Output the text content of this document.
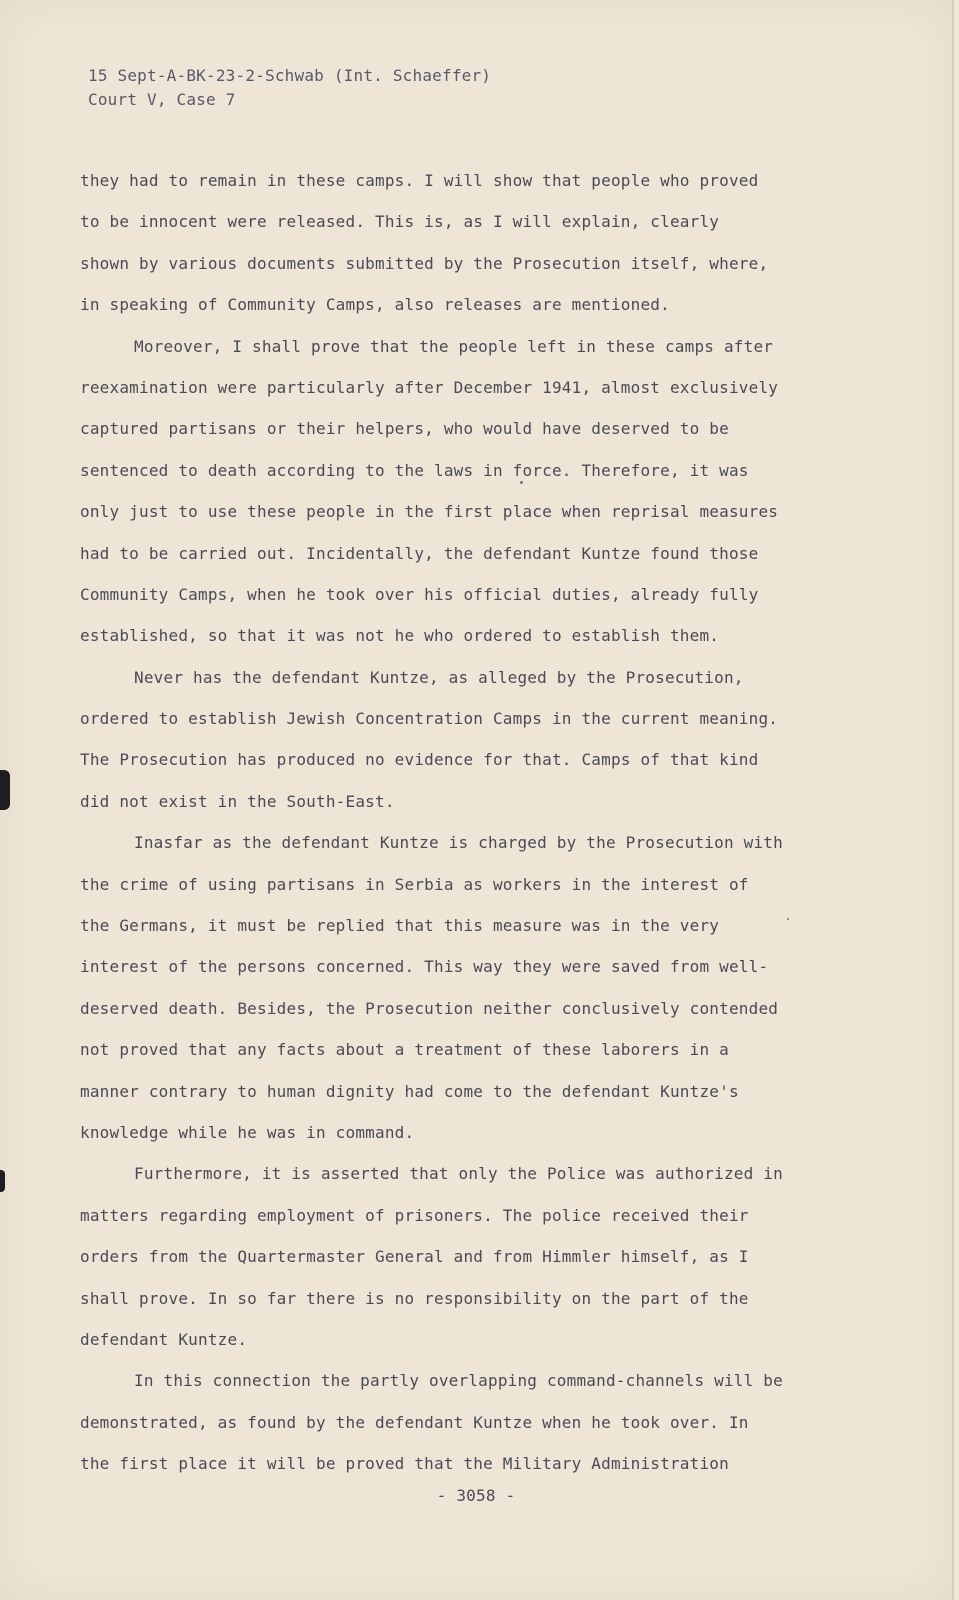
15 Sept-A-BK-23-2-Schwab (Int. Schaeffer)
Court V, Case 7
they had to remain in these camps. I will show that people who proved
to be innocent were released. This is, as I will explain, clearly
shown by various documents submitted by the Prosecution itself, where,
in speaking of Community Camps, also releases are mentioned.
Moreover, I shall prove that the people left in these camps after
reexamination were particularly after December 1941, almost exclusively
captured partisans or their helpers, who would have deserved to be
sentenced to death according to the laws in force. Therefore, it was
only just to use these people in the first place when reprisal measures
had to be carried out. Incidentally, the defendant Kuntze found those
Community Camps, when he took over his official duties, already fully
established, so that it was not he who ordered to establish them.
Never has the defendant Kuntze, as alleged by the Prosecution,
ordered to establish Jewish Concentration Camps in the current meaning.
The Prosecution has produced no evidence for that. Camps of that kind
did not exist in the South-East.
Inasfar as the defendant Kuntze is charged by the Prosecution with
the crime of using partisans in Serbia as workers in the interest of
the Germans, it must be replied that this measure was in the very
interest of the persons concerned. This way they were saved from well-
deserved death. Besides, the Prosecution neither conclusively contended
not proved that any facts about a treatment of these laborers in a
manner contrary to human dignity had come to the defendant Kuntze's
knowledge while he was in command.
Furthermore, it is asserted that only the Police was authorized in
matters regarding employment of prisoners. The police received their
orders from the Quartermaster General and from Himmler himself, as I
shall prove. In so far there is no responsibility on the part of the
defendant Kuntze.
In this connection the partly overlapping command-channels will be
demonstrated, as found by the defendant Kuntze when he took over. In
the first place it will be proved that the Military Administration
- 3058 -
